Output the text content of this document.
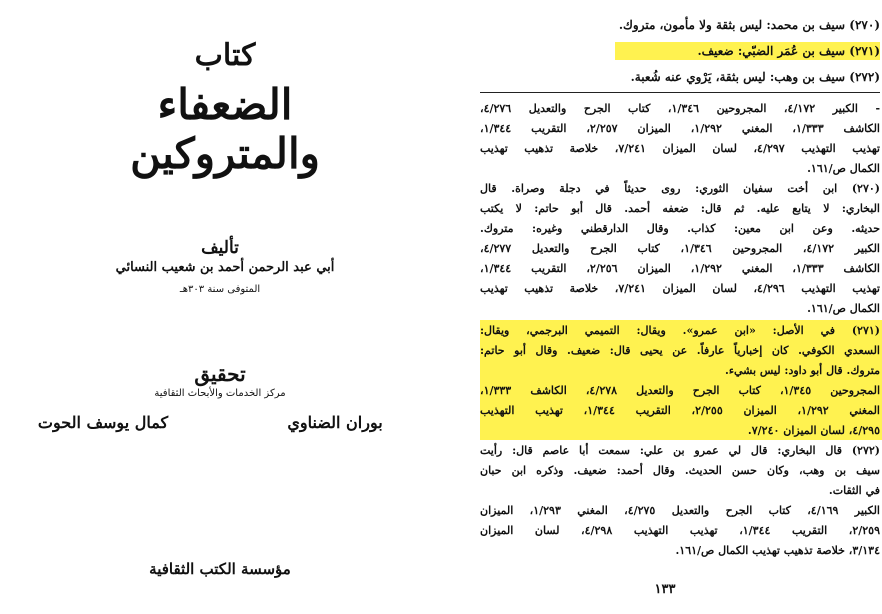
كتاب
الضعفاء والمتروكين
تأليف
أبي عبد الرحمن أحمد بن شعيب النسائي
المتوفى سنة ٣٠٣هـ
تحقيق
مركز الخدمات والأبحاث الثقافية
بوران الضناوي
كمال يوسف الحوت
مؤسسة الكتب الثقافية
(٢٧٠) سيف بن محمد: ليس بثقة ولا مأمون، متروك.
(٢٧١) سيف بن عُمَر الضبّي: ضعيف.
(٢٧٢) سيف بن وهب: ليس بثقة، يَرْوي عنه شُعبة.
- الكبير ٤/١٧٢، المجروحين ١/٣٤٦، كتاب الجرح والتعديل ٤/٢٧٦،
الكاشف ١/٣٣٣، المغني ١/٢٩٢، الميزان ٢/٢٥٧، التقريب ١/٣٤٤،
تهذيب التهذيب ٤/٢٩٧، لسان الميزان ٧/٢٤١، خلاصة تذهيب تهذيب
الكمال ص/١٦١.
(٢٧٠) ابن أخت سفيان الثوري: روى حديثاً في دجلة وصراة. قال
البخاري: لا يتابع عليه. ثم قال: ضعفه أحمد. قال أبو حاتم: لا يكتب
حديثه. وعن ابن معين: كذاب. وقال الدارقطني وغيره: متروك.
الكبير ٤/١٧٢، المجروحين ١/٣٤٦، كتاب الجرح والتعديل ٤/٢٧٧،
الكاشف ١/٣٣٣، المغني ١/٢٩٢، الميزان ٢/٢٥٦، التقريب ١/٣٤٤،
تهذيب التهذيب ٤/٢٩٦، لسان الميزان ٧/٢٤١، خلاصة تذهيب تهذيب
الكمال ص/١٦١.
(٢٧١) في الأصل: «ابن عمرو». ويقال: التميمي البرجمي، ويقال:
السعدي الكوفي. كان إخبارياً عارفاً. عن يحيى قال: ضعيف. وقال أبو حاتم:
متروك. قال أبو داود: ليس بشيء.
المجروحين ١/٣٤٥، كتاب الجرح والتعديل ٤/٢٧٨، الكاشف ١/٣٣٣،
المغني ١/٢٩٢، الميزان ٢/٢٥٥، التقريب ١/٣٤٤، تهذيب التهذيب
٤/٢٩٥، لسان الميزان ٧/٢٤٠.
(٢٧٢) قال البخاري: قال لي عمرو بن علي: سمعت أبا عاصم قال: رأيت
سيف بن وهب، وكان حسن الحديث. وقال أحمد: ضعيف. وذكره ابن حبان
في الثقات.
الكبير ٤/١٦٩، كتاب الجرح والتعديل ٤/٢٧٥، المغني ١/٢٩٣، الميزان
٢/٢٥٩، التقريب ١/٣٤٤، تهذيب التهذيب ٤/٢٩٨، لسان الميزان
٣/١٣٤، خلاصة تذهيب تهذيب الكمال ص/١٦١.
١٣٣
